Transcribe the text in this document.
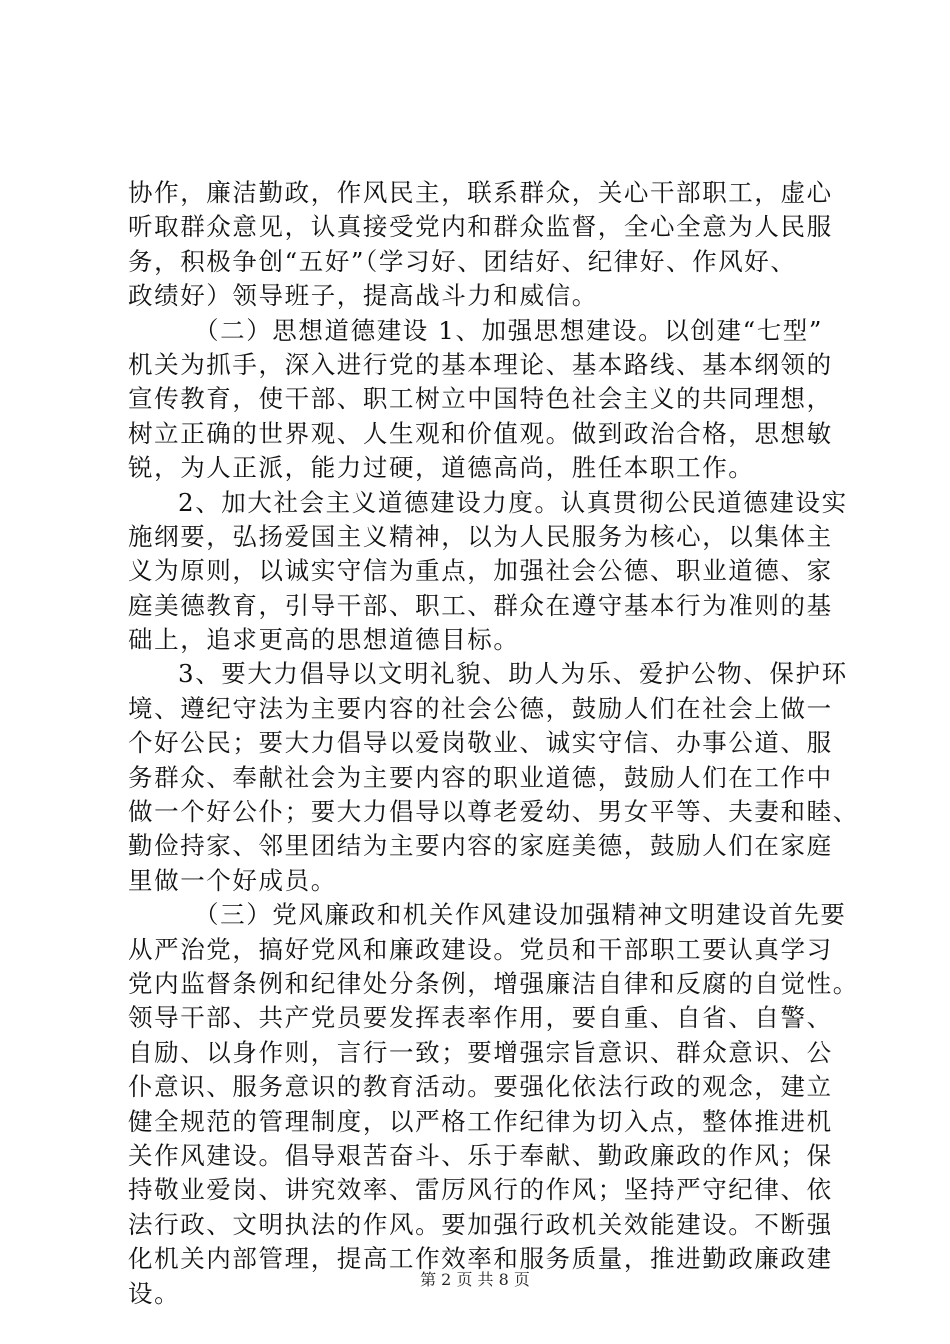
协作，廉洁勤政，作风民主，联系群众，关心干部职工，虚心
听取群众意见，认真接受党内和群众监督，全心全意为人民服
务，积极争创“五好”（学习好、团结好、纪律好、作风好、
政绩好）领导班子，提高战斗力和威信。
（二）思想道德建设 1、加强思想建设。以创建“七型”
机关为抓手，深入进行党的基本理论、基本路线、基本纲领的
宣传教育，使干部、职工树立中国特色社会主义的共同理想，
树立正确的世界观、人生观和价值观。做到政治合格，思想敏
锐，为人正派，能力过硬，道德高尚，胜任本职工作。
2、加大社会主义道德建设力度。认真贯彻公民道德建设实
施纲要，弘扬爱国主义精神，以为人民服务为核心，以集体主
义为原则，以诚实守信为重点，加强社会公德、职业道德、家
庭美德教育，引导干部、职工、群众在遵守基本行为准则的基
础上，追求更高的思想道德目标。
3、要大力倡导以文明礼貌、助人为乐、爱护公物、保护环
境、遵纪守法为主要内容的社会公德，鼓励人们在社会上做一
个好公民；要大力倡导以爱岗敬业、诚实守信、办事公道、服
务群众、奉献社会为主要内容的职业道德，鼓励人们在工作中
做一个好公仆；要大力倡导以尊老爱幼、男女平等、夫妻和睦、
勤俭持家、邻里团结为主要内容的家庭美德，鼓励人们在家庭
里做一个好成员。
（三）党风廉政和机关作风建设加强精神文明建设首先要
从严治党，搞好党风和廉政建设。党员和干部职工要认真学习
党内监督条例和纪律处分条例，增强廉洁自律和反腐的自觉性。
领导干部、共产党员要发挥表率作用，要自重、自省、自警、
自励、以身作则，言行一致；要增强宗旨意识、群众意识、公
仆意识、服务意识的教育活动。要强化依法行政的观念，建立
健全规范的管理制度，以严格工作纪律为切入点，整体推进机
关作风建设。倡导艰苦奋斗、乐于奉献、勤政廉政的作风；保
持敬业爱岗、讲究效率、雷厉风行的作风；坚持严守纪律、依
法行政、文明执法的作风。要加强行政机关效能建设。不断强
化机关内部管理，提高工作效率和服务质量，推进勤政廉政建
设。	第 2 页 共 8 页
